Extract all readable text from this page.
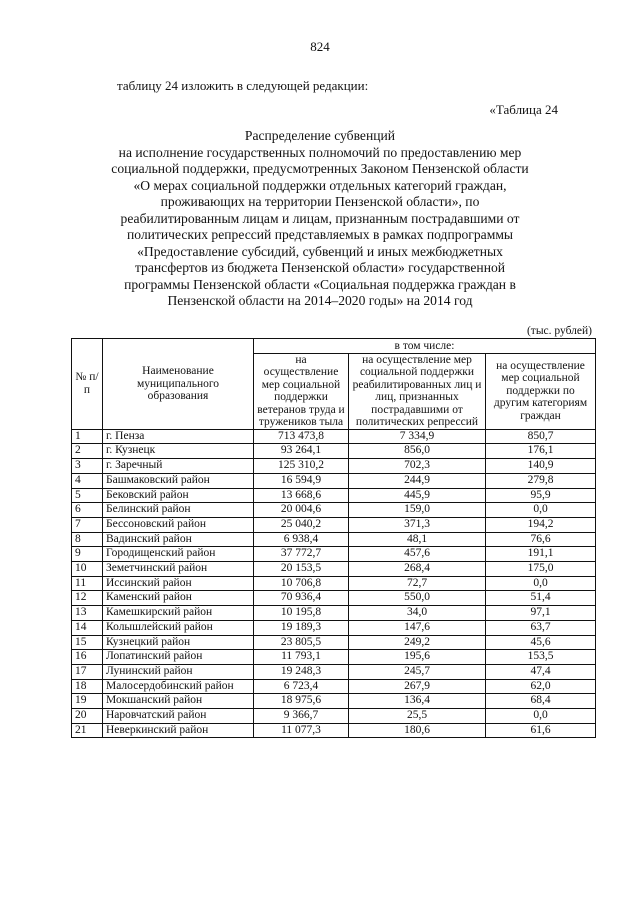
824
таблицу 24 изложить в следующей редакции:
«Таблица 24
Распределение субвенций
на исполнение государственных полномочий по предоставлению мер
социальной поддержки, предусмотренных Законом Пензенской области
«О мерах социальной поддержки отдельных категорий граждан,
проживающих на территории Пензенской области», по
реабилитированным лицам и лицам, признанным пострадавшими от
политических репрессий представляемых в рамках подпрограммы
«Предоставление субсидий, субвенций и иных межбюджетных
трансфертов из бюджета Пензенской области» государственной
программы Пензенской области «Социальная поддержка граждан в
Пензенской области на 2014–2020 годы» на 2014 год
(тыс. рублей)
№ п/п	Наименование муниципального образования	в том числе:		
		на осуществление мер социальной поддержки ветеранов труда и тружеников тыла	на осуществление мер социальной поддержки реабилитированных лиц и лиц, признанных пострадавшими от политических репрессий	на осуществление мер социальной поддержки по другим категориям граждан
1	г. Пенза	713 473,8	7 334,9	850,7
2	г. Кузнецк	93 264,1	856,0	176,1
3	г. Заречный	125 310,2	702,3	140,9
4	Башмаковский район	16 594,9	244,9	279,8
5	Бековский район	13 668,6	445,9	95,9
6	Белинский район	20 004,6	159,0	0,0
7	Бессоновский район	25 040,2	371,3	194,2
8	Вадинский район	6 938,4	48,1	76,6
9	Городищенский район	37 772,7	457,6	191,1
10	Земетчинский район	20 153,5	268,4	175,0
11	Иссинский район	10 706,8	72,7	0,0
12	Каменский район	70 936,4	550,0	51,4
13	Камешкирский район	10 195,8	34,0	97,1
14	Колышлейский район	19 189,3	147,6	63,7
15	Кузнецкий район	23 805,5	249,2	45,6
16	Лопатинский район	11 793,1	195,6	153,5
17	Лунинский район	19 248,3	245,7	47,4
18	Малосердобинский район	6 723,4	267,9	62,0
19	Мокшанский район	18 975,6	136,4	68,4
20	Наровчатский район	9 366,7	25,5	0,0
21	Неверкинский район	11 077,3	180,6	61,6
